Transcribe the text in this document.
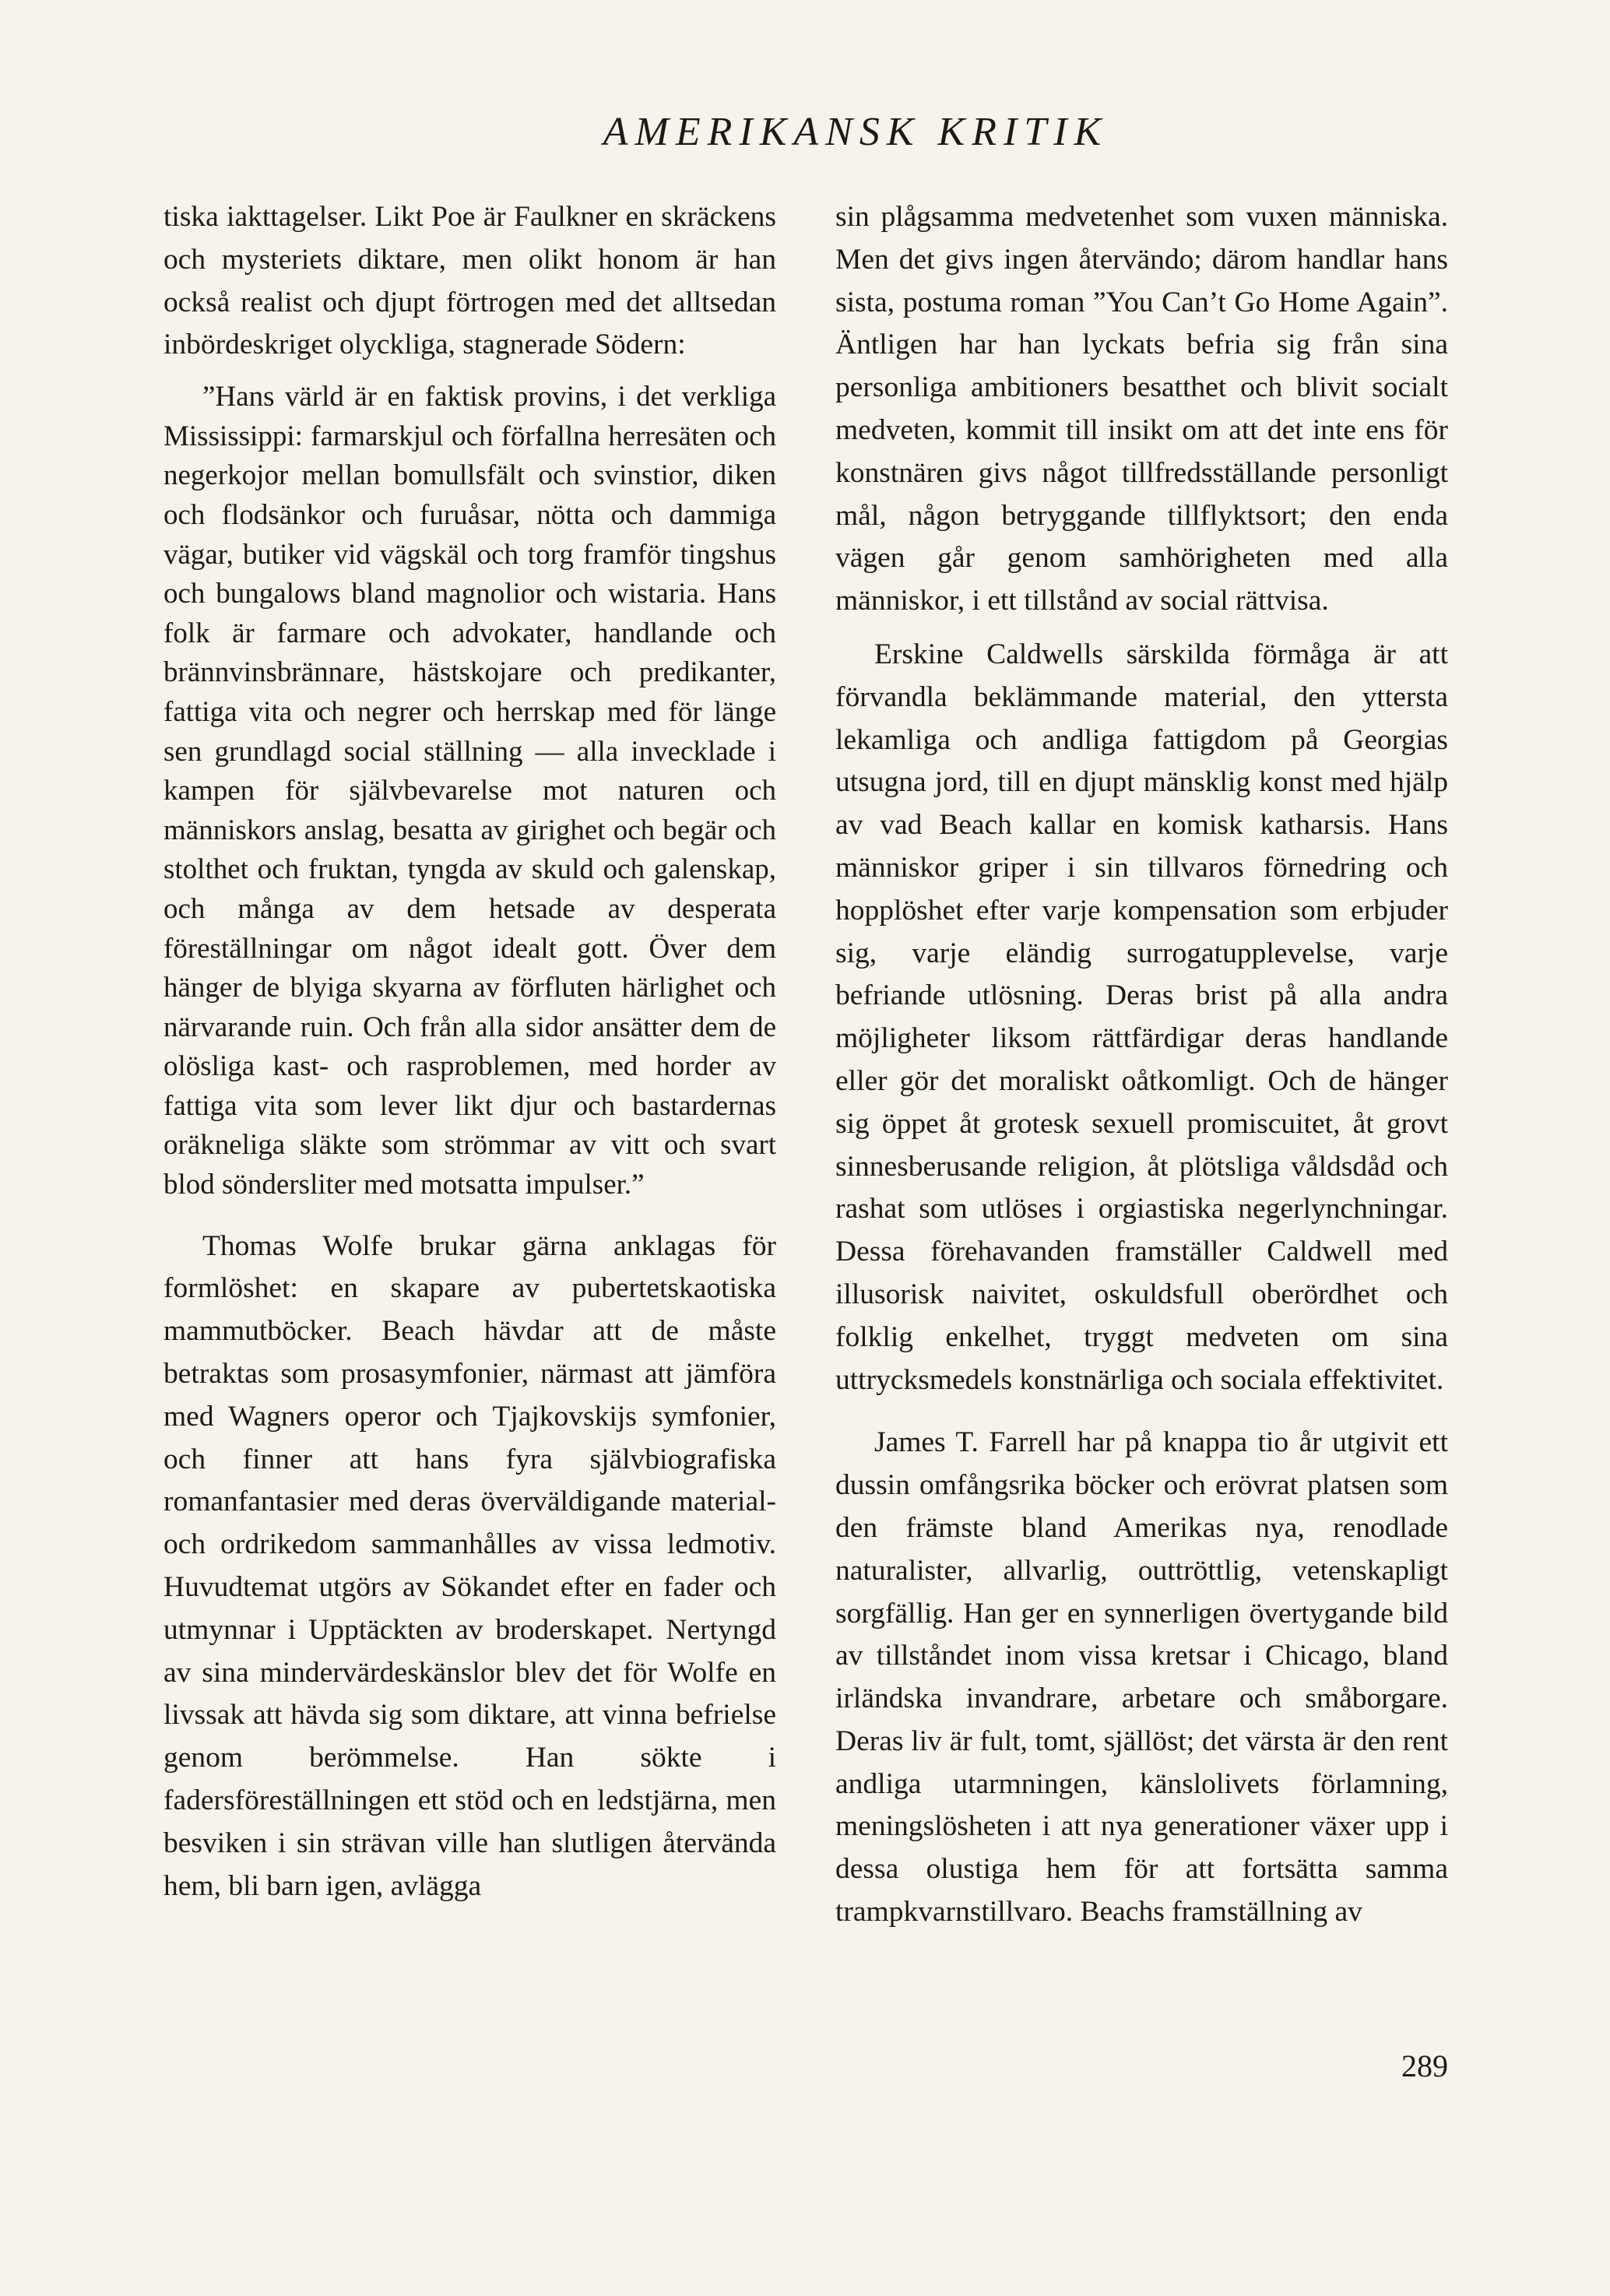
AMERIKANSK KRITIK

tiska iakttagelser. Likt Poe är Faulkner en skräckens och mysteriets diktare, men olikt honom är han också realist och djupt förtrogen med det alltsedan inbördeskriget olyckliga, stagnerade Södern:

”Hans värld är en faktisk provins, i det verkliga Mississippi: farmarskjul och förfallna herresäten och negerkojor mellan bomullsfält och svinstior, diken och flodsänkor och furuåsar, nötta och dammiga vägar, butiker vid vägskäl och torg framför tingshus och bungalows bland magnolior och wistaria. Hans folk är farmare och advokater, handlande och brännvinsbrännare, hästskojare och predikanter, fattiga vita och negrer och herrskap med för länge sen grundlagd social ställning — alla invecklade i kampen för självbevarelse mot naturen och människors anslag, besatta av girighet och begär och stolthet och fruktan, tyngda av skuld och galenskap, och många av dem hetsade av desperata föreställningar om något idealt gott. Över dem hänger de blyiga skyarna av förfluten härlighet och närvarande ruin. Och från alla sidor ansätter dem de olösliga kast- och rasproblemen, med horder av fattiga vita som lever likt djur och bastardernas oräkneliga släkte som strömmar av vitt och svart blod söndersliter med motsatta impulser.”

Thomas Wolfe brukar gärna anklagas för formlöshet: en skapare av pubertetskaotiska mammutböcker. Beach hävdar att de måste betraktas som prosasymfonier, närmast att jämföra med Wagners operor och Tjajkovskijs symfonier, och finner att hans fyra självbiografiska romanfantasier med deras överväldigande material- och ordrikedom sammanhålles av vissa ledmotiv. Huvudtemat utgörs av Sökandet efter en fader och utmynnar i Upptäckten av broderskapet. Nertyngd av sina mindervärdeskänslor blev det för Wolfe en livssak att hävda sig som diktare, att vinna befrielse genom berömmelse. Han sökte i fadersföreställningen ett stöd och en ledstjärna, men besviken i sin strävan ville han slutligen återvända hem, bli barn igen, avlägga

sin plågsamma medvetenhet som vuxen människa. Men det givs ingen återvändo; därom handlar hans sista, postuma roman ”You Can’t Go Home Again”. Äntligen har han lyckats befria sig från sina personliga ambitioners besatthet och blivit socialt medveten, kommit till insikt om att det inte ens för konstnären givs något tillfredsställande personligt mål, någon betryggande tillflyktsort; den enda vägen går genom samhörigheten med alla människor, i ett tillstånd av social rättvisa.

Erskine Caldwells särskilda förmåga är att förvandla beklämmande material, den yttersta lekamliga och andliga fattigdom på Georgias utsugna jord, till en djupt mänsklig konst med hjälp av vad Beach kallar en komisk katharsis. Hans människor griper i sin tillvaros förnedring och hopplöshet efter varje kompensation som erbjuder sig, varje eländig surrogatupplevelse, varje befriande utlösning. Deras brist på alla andra möjligheter liksom rättfärdigar deras handlande eller gör det moraliskt oåtkomligt. Och de hänger sig öppet åt grotesk sexuell promiscuitet, åt grovt sinnesberusande religion, åt plötsliga våldsdåd och rashat som utlöses i orgiastiska negerlynchningar. Dessa förehavanden framställer Caldwell med illusorisk naivitet, oskuldsfull oberördhet och folklig enkelhet, tryggt medveten om sina uttrycksmedels konstnärliga och sociala effektivitet.

James T. Farrell har på knappa tio år utgivit ett dussin omfångsrika böcker och erövrat platsen som den främste bland Amerikas nya, renodlade naturalister, allvarlig, outtröttlig, vetenskapligt sorgfällig. Han ger en synnerligen övertygande bild av tillståndet inom vissa kretsar i Chicago, bland irländska invandrare, arbetare och småborgare. Deras liv är fult, tomt, själlöst; det värsta är den rent andliga utarmningen, känslolivets förlamning, meningslösheten i att nya generationer växer upp i dessa olustiga hem för att fortsätta samma trampkvarnstillvaro. Beachs framställning av

289
